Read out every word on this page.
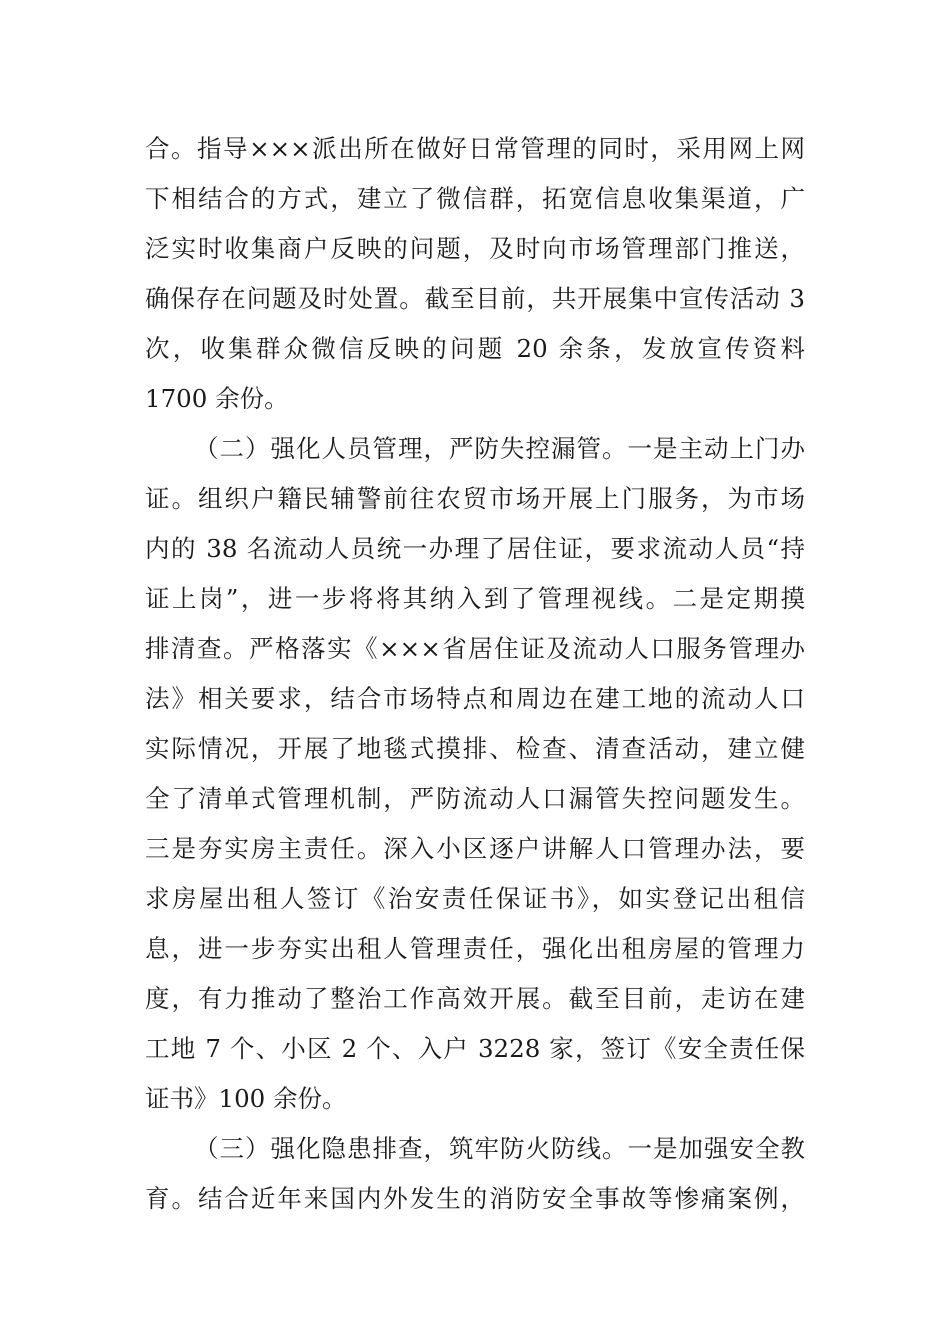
合。指导×××派出所在做好日常管理的同时，采用网上网
下相结合的方式，建立了微信群，拓宽信息收集渠道，广
泛实时收集商户反映的问题，及时向市场管理部门推送，
确保存在问题及时处置。截至目前，共开展集中宣传活动 3
次，收集群众微信反映的问题 20 余条，发放宣传资料
1700 余份。
（二）强化人员管理，严防失控漏管。一是主动上门办
证。组织户籍民辅警前往农贸市场开展上门服务，为市场
内的 38 名流动人员统一办理了居住证，要求流动人员“持
证上岗”，进一步将将其纳入到了管理视线。二是定期摸
排清查。严格落实《×××省居住证及流动人口服务管理办
法》相关要求，结合市场特点和周边在建工地的流动人口
实际情况，开展了地毯式摸排、检查、清查活动，建立健
全了清单式管理机制，严防流动人口漏管失控问题发生。
三是夯实房主责任。深入小区逐户讲解人口管理办法，要
求房屋出租人签订《治安责任保证书》，如实登记出租信
息，进一步夯实出租人管理责任，强化出租房屋的管理力
度，有力推动了整治工作高效开展。截至目前，走访在建
工地 7 个、小区 2 个、入户 3228 家，签订《安全责任保
证书》100 余份。
（三）强化隐患排查，筑牢防火防线。一是加强安全教
育。结合近年来国内外发生的消防安全事故等惨痛案例，
